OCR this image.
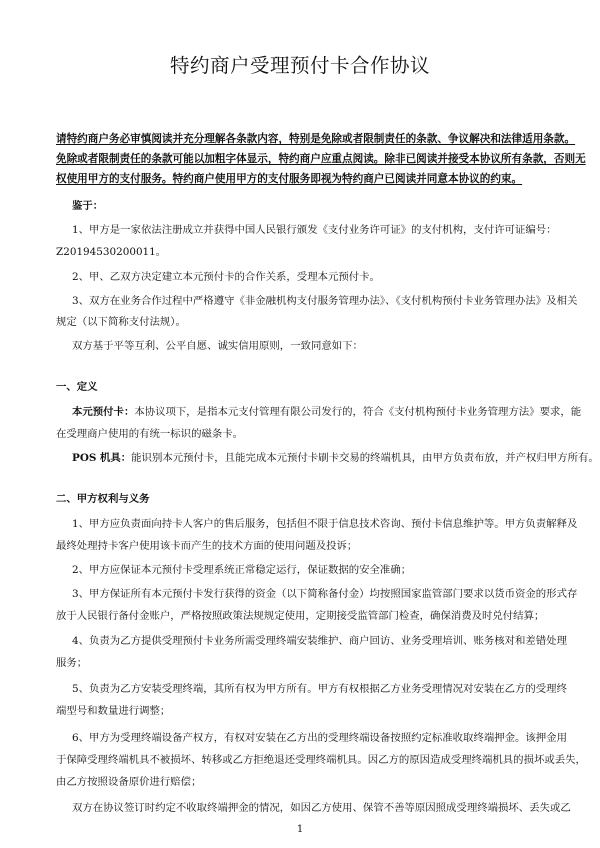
特约商户受理预付卡合作协议
请特约商户务必审慎阅读并充分理解各条款内容，特别是免除或者限制责任的条款、争议解决和法律适用条款。
免除或者限制责任的条款可能以加粗字体显示，特约商户应重点阅读。除非已阅读并接受本协议所有条款，否则无
权使用甲方的支付服务。特约商户使用甲方的支付服务即视为特约商户已阅读并同意本协议的约束。
鉴于：
1、甲方是一家依法注册成立并获得中国人民银行颁发《支付业务许可证》的支付机构，支付许可证编号：
Z2019453020001​1。
2、甲、乙双方决定建立本元预付卡的合作关系，受理本元预付卡。
3、双方在业务合作过程中严格遵守《非金融机构支付服务管理办法》、《支付机构预付卡业务管理办法》及相关
规定（以下简称支付法规）。
双方基于平等互利、公平自愿、诚实信用原则，一致同意如下：
一、定义
本元预付卡：本协议项下，是指本元支付管理有限公司发行的，符合《支付机构预付卡业务管理方法》要求，能
在受理商户使用的有统一标识的磁条卡。
POS 机具：能识别本元预付卡，且能完成本元预付卡刷卡交易的终端机具，由甲方负责布放，并产权归甲方所有。
二、甲方权利与义务
1、甲方应负责面向持卡人客户的售后服务，包括但不限于信息技术咨询、预付卡信息维护等。甲方负责解释及
最终处理持卡客户使用该卡而产生的技术方面的使用问题及投诉；
2、甲方应保证本元预付卡受理系统正常稳定运行，保证数据的安全准确；
3、甲方保证所有本元预付卡发行获得的资金（以下简称备付金）均按照国家监管部门要求以货币资金的形式存
放于人民银行备付金账户，严格按照政策法规规定使用，定期接受监管部门检查，确保消费及时兑付结算；
4、负责为乙方提供受理预付卡业务所需受理终端安装维护、商户回访、业务受理培训、账务核对和差错处理
服务；
5、负责为乙方安装受理终端，其所有权为甲方所有。甲方有权根据乙方业务受理情况对安装在乙方的受理终
端型号和数量进行调整；
6、甲方为受理终端设备产权方，有权对安装在乙方出的受理终端设备按照约定标准收取终端押金。该押金用
于保障受理终端机具不被损坏、转移或乙方拒绝退还受理终端机具。因乙方的原因造成受理终端机具的损坏或丢失，
由乙方按照设备原价进行赔偿；
双方在协议签订时约定不收取终端押金的情况，如因乙方使用、保管不善等原因照成受理终端损坏、丢失或乙
1
